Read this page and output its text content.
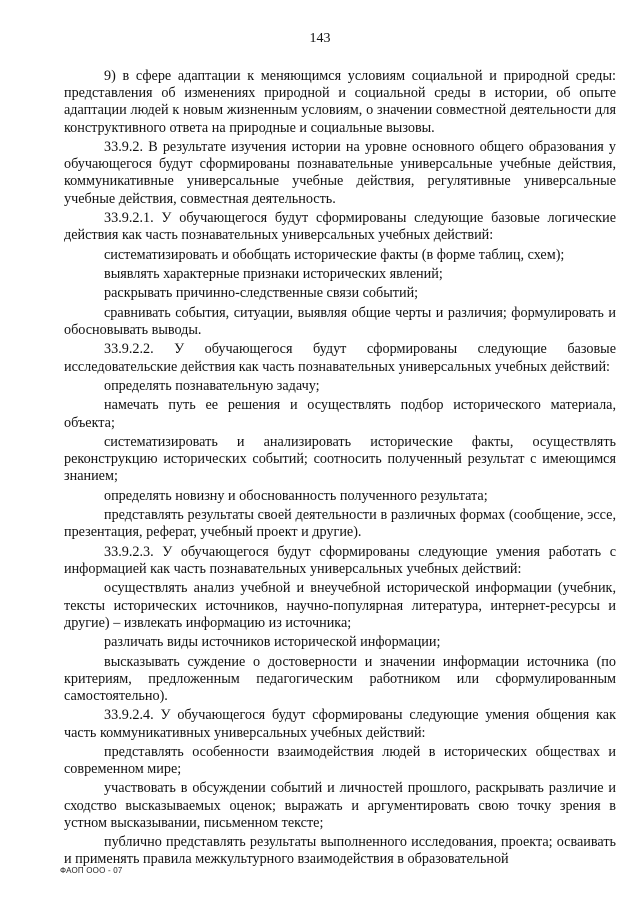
143

9) в сфере адаптации к меняющимся условиям социальной и природной среды: представления об изменениях природной и социальной среды в истории, об опыте адаптации людей к новым жизненным условиям, о значении совместной деятельности для конструктивного ответа на природные и социальные вызовы.

33.9.2. В результате изучения истории на уровне основного общего образования у обучающегося будут сформированы познавательные универсальные учебные действия, коммуникативные универсальные учебные действия, регулятивные универсальные учебные действия, совместная деятельность.

33.9.2.1. У обучающегося будут сформированы следующие базовые логические действия как часть познавательных универсальных учебных действий:

систематизировать и обобщать исторические факты (в форме таблиц, схем);

выявлять характерные признаки исторических явлений;

раскрывать причинно-следственные связи событий;

сравнивать события, ситуации, выявляя общие черты и различия; формулировать и обосновывать выводы.

33.9.2.2. У обучающегося будут сформированы следующие базовые исследовательские действия как часть познавательных универсальных учебных действий:

определять познавательную задачу;

намечать путь ее решения и осуществлять подбор исторического материала, объекта;

систематизировать и анализировать исторические факты, осуществлять реконструкцию исторических событий; соотносить полученный результат с имеющимся знанием;

определять новизну и обоснованность полученного результата;

представлять результаты своей деятельности в различных формах (сообщение, эссе, презентация, реферат, учебный проект и другие).

33.9.2.3. У обучающегося будут сформированы следующие умения работать с информацией как часть познавательных универсальных учебных действий:

осуществлять анализ учебной и внеучебной исторической информации (учебник, тексты исторических источников, научно-популярная литература, интернет-ресурсы и другие) – извлекать информацию из источника;

различать виды источников исторической информации;

высказывать суждение о достоверности и значении информации источника (по критериям, предложенным педагогическим работником или сформулированным самостоятельно).

33.9.2.4. У обучающегося будут сформированы следующие умения общения как часть коммуникативных универсальных учебных действий:

представлять особенности взаимодействия людей в исторических обществах и современном мире;

участвовать в обсуждении событий и личностей прошлого, раскрывать различие и сходство высказываемых оценок; выражать и аргументировать свою точку зрения в устном высказывании, письменном тексте;

публично представлять результаты выполненного исследования, проекта; осваивать и применять правила межкультурного взаимодействия в образовательной

ФАОП ООО - 07
